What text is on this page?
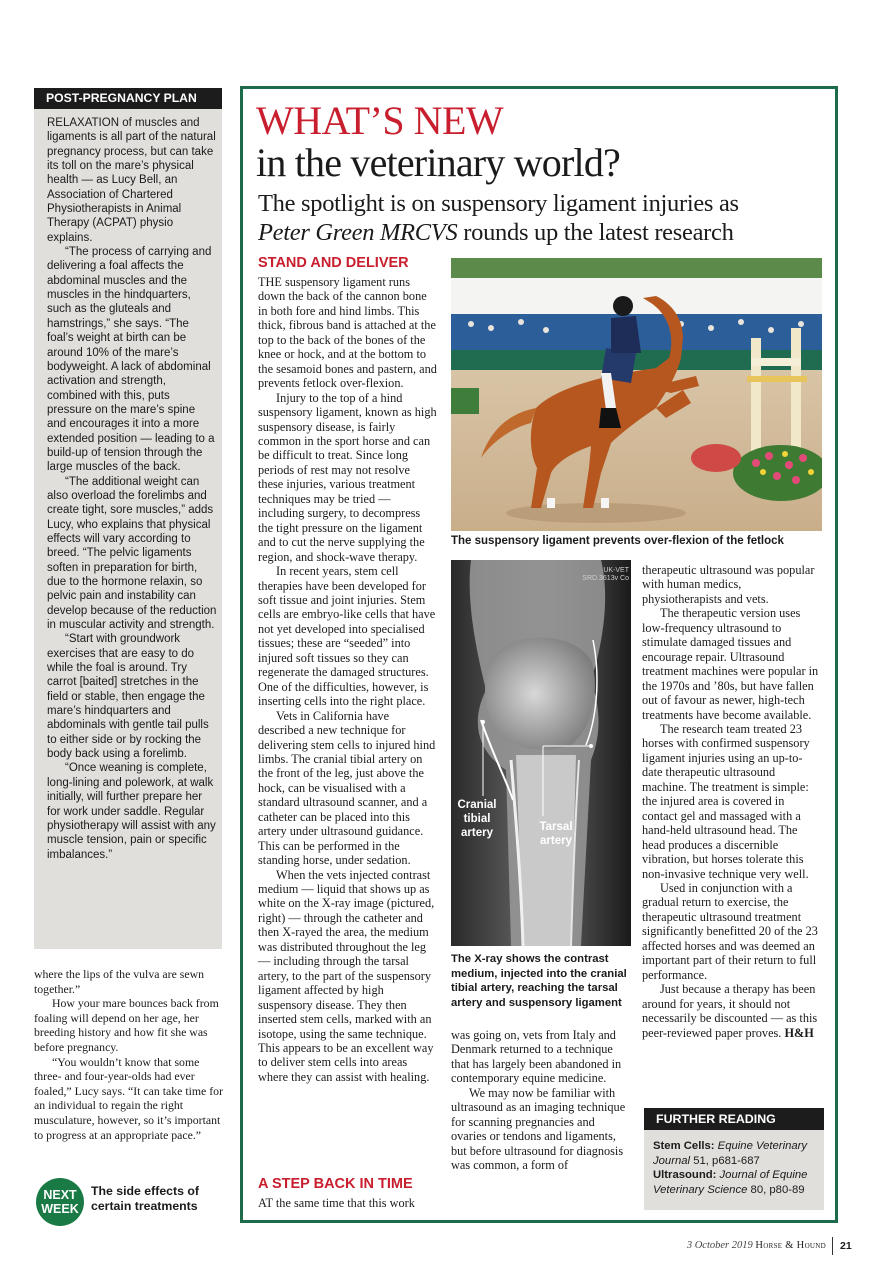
POST-PREGNANCY PLAN

RELAXATION of muscles and ligaments is all part of the natural pregnancy process, but can take its toll on the mare’s physical health — as Lucy Bell, an Association of Chartered Physiotherapists in Animal Therapy (ACPAT) physio explains.

“The process of carrying and delivering a foal affects the abdominal muscles and the muscles in the hindquarters, such as the gluteals and hamstrings,” she says. “The foal’s weight at birth can be around 10% of the mare’s bodyweight. A lack of abdominal activation and strength, combined with this, puts pressure on the mare’s spine and encourages it into a more extended position — leading to a build-up of tension through the large muscles of the back.

“The additional weight can also overload the forelimbs and create tight, sore muscles,” adds Lucy, who explains that physical effects will vary according to breed. “The pelvic ligaments soften in preparation for birth, due to the hormone relaxin, so pelvic pain and instability can develop because of the reduction in muscular activity and strength.

“Start with groundwork exercises that are easy to do while the foal is around. Try carrot [baited] stretches in the field or stable, then engage the mare’s hindquarters and abdominals with gentle tail pulls to either side or by rocking the body back using a forelimb.

“Once weaning is complete, long-lining and polework, at walk initially, will further prepare her for work under saddle. Regular physiotherapy will assist with any muscle tension, pain or specific imbalances.”

where the lips of the vulva are sewn together.”

How your mare bounces back from foaling will depend on her age, her breeding history and how fit she was before pregnancy.

“You wouldn’t know that some three- and four-year-olds had ever foaled,” Lucy says. “It can take time for an individual to regain the right musculature, however, so it’s important to progress at an appropriate pace.”

NEXT
WEEK
The side effects of
certain treatments
WHAT’S NEW
in the veterinary world?
The spotlight is on suspensory ligament injuries as
Peter Green MRCVS rounds up the latest research
STAND AND DELIVER

THE suspensory ligament runs down the back of the cannon bone in both fore and hind limbs. This thick, fibrous band is attached at the top to the back of the bones of the knee or hock, and at the bottom to the sesamoid bones and pastern, and prevents fetlock over-flexion.

Injury to the top of a hind suspensory ligament, known as high suspensory disease, is fairly common in the sport horse and can be difficult to treat. Since long periods of rest may not resolve these injuries, various treatment techniques may be tried — including surgery, to decompress the tight pressure on the ligament and to cut the nerve supplying the region, and shock-wave therapy.

In recent years, stem cell therapies have been developed for soft tissue and joint injuries. Stem cells are embryo-like cells that have not yet developed into specialised tissues; these are “seeded” into injured soft tissues so they can regenerate the damaged structures. One of the difficulties, however, is inserting cells into the right place.

Vets in California have described a new technique for delivering stem cells to injured hind limbs. The cranial tibial artery on the front of the leg, just above the hock, can be visualised with a standard ultrasound scanner, and a catheter can be placed into this artery under ultrasound guidance. This can be performed in the standing horse, under sedation.

When the vets injected contrast medium — liquid that shows up as white on the X-ray image (pictured, right) — through the catheter and then X-rayed the area, the medium was distributed throughout the leg — including through the tarsal artery, to the part of the suspensory ligament affected by high suspensory disease. They then inserted stem cells, marked with an isotope, using the same technique. This appears to be an excellent way to deliver stem cells into areas where they can assist with healing.

A STEP BACK IN TIME
AT the same time that this work
The suspensory ligament prevents over-flexion of the fetlock
UK-VET
SRD.3613v Co
Cranial
tibial
artery	Tarsal
artery
The X-ray shows the contrast medium, injected into the cranial tibial artery, reaching the tarsal artery and suspensory ligament

was going on, vets from Italy and Denmark returned to a technique that has largely been abandoned in contemporary equine medicine.

We may now be familiar with ultrasound as an imaging technique for scanning pregnancies and ovaries or tendons and ligaments, but before ultrasound for diagnosis was common, a form of

therapeutic ultrasound was popular with human medics, physiotherapists and vets.

The therapeutic version uses low-frequency ultrasound to stimulate damaged tissues and encourage repair. Ultrasound treatment machines were popular in the 1970s and ’80s, but have fallen out of favour as newer, high-tech treatments have become available.

The research team treated 23 horses with confirmed suspensory ligament injuries using an up-to-date therapeutic ultrasound machine. The treatment is simple: the injured area is covered in contact gel and massaged with a hand-held ultrasound head. The head produces a discernible vibration, but horses tolerate this non-invasive technique very well.

Used in conjunction with a gradual return to exercise, the therapeutic ultrasound treatment significantly benefitted 20 of the 23 affected horses and was deemed an important part of their return to full performance.

Just because a therapy has been around for years, it should not necessarily be discounted — as this peer-reviewed paper proves. H&H

FURTHER READING
Stem Cells: Equine Veterinary Journal 51, p681-687
Ultrasound: Journal of Equine Veterinary Science 80, p80-89
3 October 2019 Horse & Hound 21
